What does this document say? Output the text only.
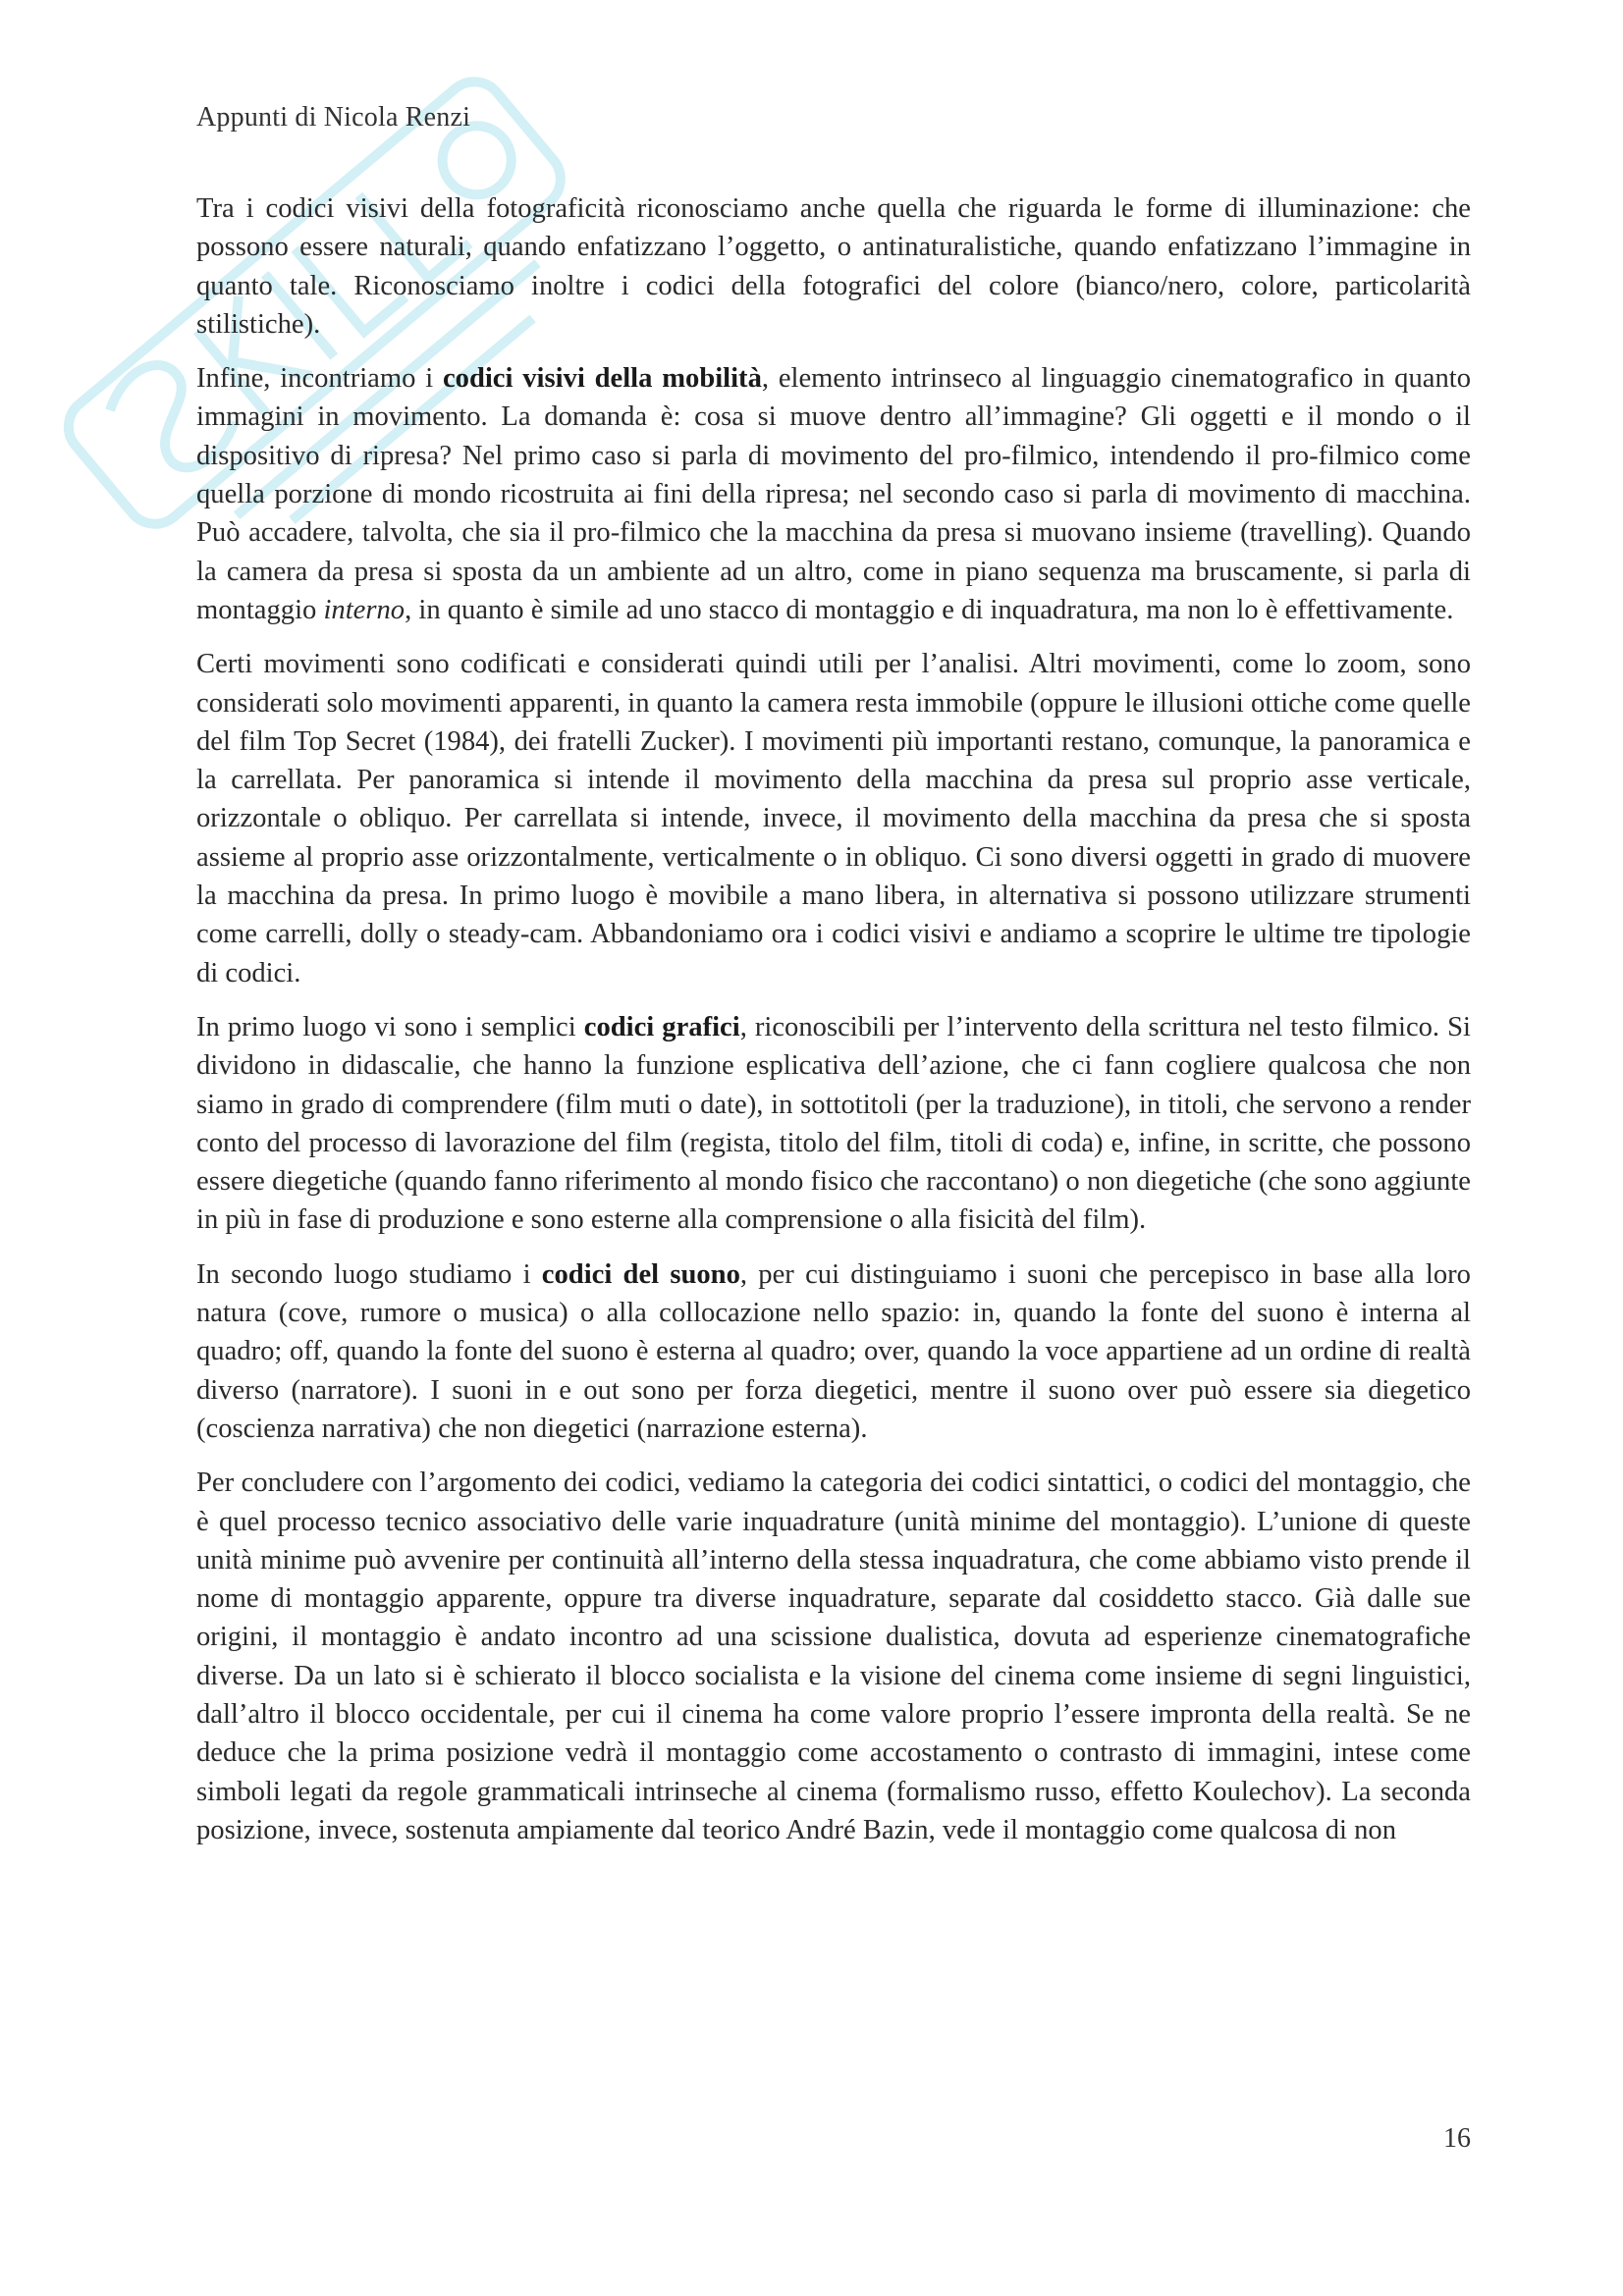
Appunti di Nicola Renzi

Tra i codici visivi della fotograficità riconosciamo anche quella che riguarda le forme di illuminazione: che possono essere naturali, quando enfatizzano l’oggetto, o antinaturalistiche, quando enfatizzano l’immagine in quanto tale. Riconosciamo inoltre i codici della fotografici del colore (bianco/nero, colore, particolarità stilistiche).

Infine, incontriamo i codici visivi della mobilità, elemento intrinseco al linguaggio cinematografico in quanto immagini in movimento. La domanda è: cosa si muove dentro all’immagine? Gli oggetti e il mondo o il dispositivo di ripresa? Nel primo caso si parla di movimento del pro-filmico, intendendo il pro-filmico come quella porzione di mondo ricostruita ai fini della ripresa; nel secondo caso si parla di movimento di macchina. Può accadere, talvolta, che sia il pro-filmico che la macchina da presa si muovano insieme (travelling). Quando la camera da presa si sposta da un ambiente ad un altro, come in piano sequenza ma bruscamente, si parla di montaggio interno, in quanto è simile ad uno stacco di montaggio e di inquadratura, ma non lo è effettivamente.

Certi movimenti sono codificati e considerati quindi utili per l’analisi. Altri movimenti, come lo zoom, sono considerati solo movimenti apparenti, in quanto la camera resta immobile (oppure le illusioni ottiche come quelle del film Top Secret (1984), dei fratelli Zucker). I movimenti più importanti restano, comunque, la panoramica e la carrellata. Per panoramica si intende il movimento della macchina da presa sul proprio asse verticale, orizzontale o obliquo. Per carrellata si intende, invece, il movimento della macchina da presa che si sposta assieme al proprio asse orizzontalmente, verticalmente o in obliquo. Ci sono diversi oggetti in grado di muovere la macchina da presa. In primo luogo è movibile a mano libera, in alternativa si possono utilizzare strumenti come carrelli, dolly o steady-cam. Abbandoniamo ora i codici visivi e andiamo a scoprire le ultime tre tipologie di codici.

In primo luogo vi sono i semplici codici grafici, riconoscibili per l’intervento della scrittura nel testo filmico. Si dividono in didascalie, che hanno la funzione esplicativa dell’azione, che ci fann cogliere qualcosa che non siamo in grado di comprendere (film muti o date), in sottotitoli (per la traduzione), in titoli, che servono a render conto del processo di lavorazione del film (regista, titolo del film, titoli di coda) e, infine, in scritte, che possono essere diegetiche (quando fanno riferimento al mondo fisico che raccontano) o non diegetiche (che sono aggiunte in più in fase di produzione e sono esterne alla comprensione o alla fisicità del film).

In secondo luogo studiamo i codici del suono, per cui distinguiamo i suoni che percepisco in base alla loro natura (cove, rumore o musica) o alla collocazione nello spazio: in, quando la fonte del suono è interna al quadro; off, quando la fonte del suono è esterna al quadro; over, quando la voce appartiene ad un ordine di realtà diverso (narratore). I suoni in e out sono per forza diegetici, mentre il suono over può essere sia diegetico (coscienza narrativa) che non diegetici (narrazione esterna).

Per concludere con l’argomento dei codici, vediamo la categoria dei codici sintattici, o codici del montaggio, che è quel processo tecnico associativo delle varie inquadrature (unità minime del montaggio). L’unione di queste unità minime può avvenire per continuità all’interno della stessa inquadratura, che come abbiamo visto prende il nome di montaggio apparente, oppure tra diverse inquadrature, separate dal cosiddetto stacco. Già dalle sue origini, il montaggio è andato incontro ad una scissione dualistica, dovuta ad esperienze cinematografiche diverse. Da un lato si è schierato il blocco socialista e la visione del cinema come insieme di segni linguistici, dall’altro il blocco occidentale, per cui il cinema ha come valore proprio l’essere impronta della realtà. Se ne deduce che la prima posizione vedrà il montaggio come accostamento o contrasto di immagini, intese come simboli legati da regole grammaticali intrinseche al cinema (formalismo russo, effetto Koulechov). La seconda posizione, invece, sostenuta ampiamente dal teorico André Bazin, vede il montaggio come qualcosa di non

16
